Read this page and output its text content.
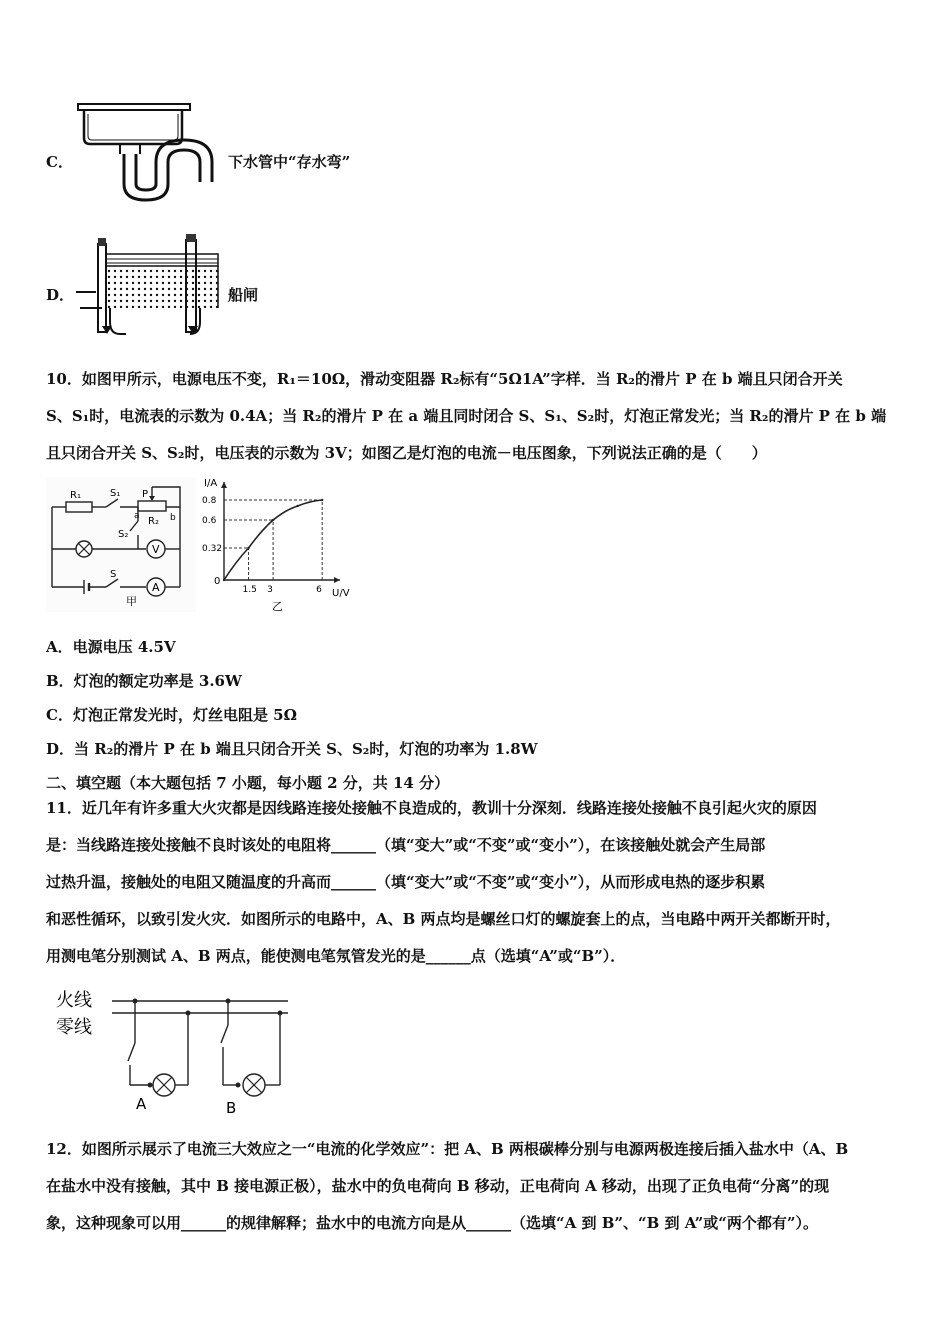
C．	下水管中“存水弯”
D．	船闸
10．如图甲所示，电源电压不变，R₁＝10Ω，滑动变阻器 R₂标有“5Ω1A”字样．当 R₂的滑片 P 在 b 端且只闭合开关
S、S₁时，电流表的示数为 0.4A；当 R₂的滑片 P 在 a 端且同时闭合 S、S₁、S₂时，灯泡正常发光；当 R₂的滑片 P 在 b 端
且只闭合开关 S、S₂时，电压表的示数为 3V；如图乙是灯泡的电流－电压图象，下列说法正确的是（　　）
R₁	S₁ P
R₂
a	b
S₂
V
S
A
甲
I/A
U/V
0
0.8
0.6
0.32
1.5 3	6
乙
A．电源电压 4.5V
B．灯泡的额定功率是 3.6W
C．灯泡正常发光时，灯丝电阻是 5Ω
D．当 R₂的滑片 P 在 b 端且只闭合开关 S、S₂时，灯泡的功率为 1.8W
二、填空题（本大题包括 7 小题，每小题 2 分，共 14 分）
11．近几年有许多重大火灾都是因线路连接处接触不良造成的，教训十分深刻．线路连接处接触不良引起火灾的原因
是：当线路连接处接触不良时该处的电阻将______（填“变大”或“不变”或“变小”），在该接触处就会产生局部
过热升温，接触处的电阻又随温度的升高而______（填“变大”或“不变”或“变小”），从而形成电热的逐步积累
和恶性循环，以致引发火灾．如图所示的电路中，A、B 两点均是螺丝口灯的螺旋套上的点，当电路中两开关都断开时，
用测电笔分别测试 A、B 两点，能使测电笔氖管发光的是______点（选填“A”或“B”）．
火线
零线
A	B
12．如图所示展示了电流三大效应之一“电流的化学效应”：把 A、B 两根碳棒分别与电源两极连接后插入盐水中（A、B
在盐水中没有接触，其中 B 接电源正极），盐水中的负电荷向 B 移动，正电荷向 A 移动，出现了正负电荷“分离”的现
象，这种现象可以用______的规律解释；盐水中的电流方向是从______（选填“A 到 B”、“B 到 A”或“两个都有”）。
